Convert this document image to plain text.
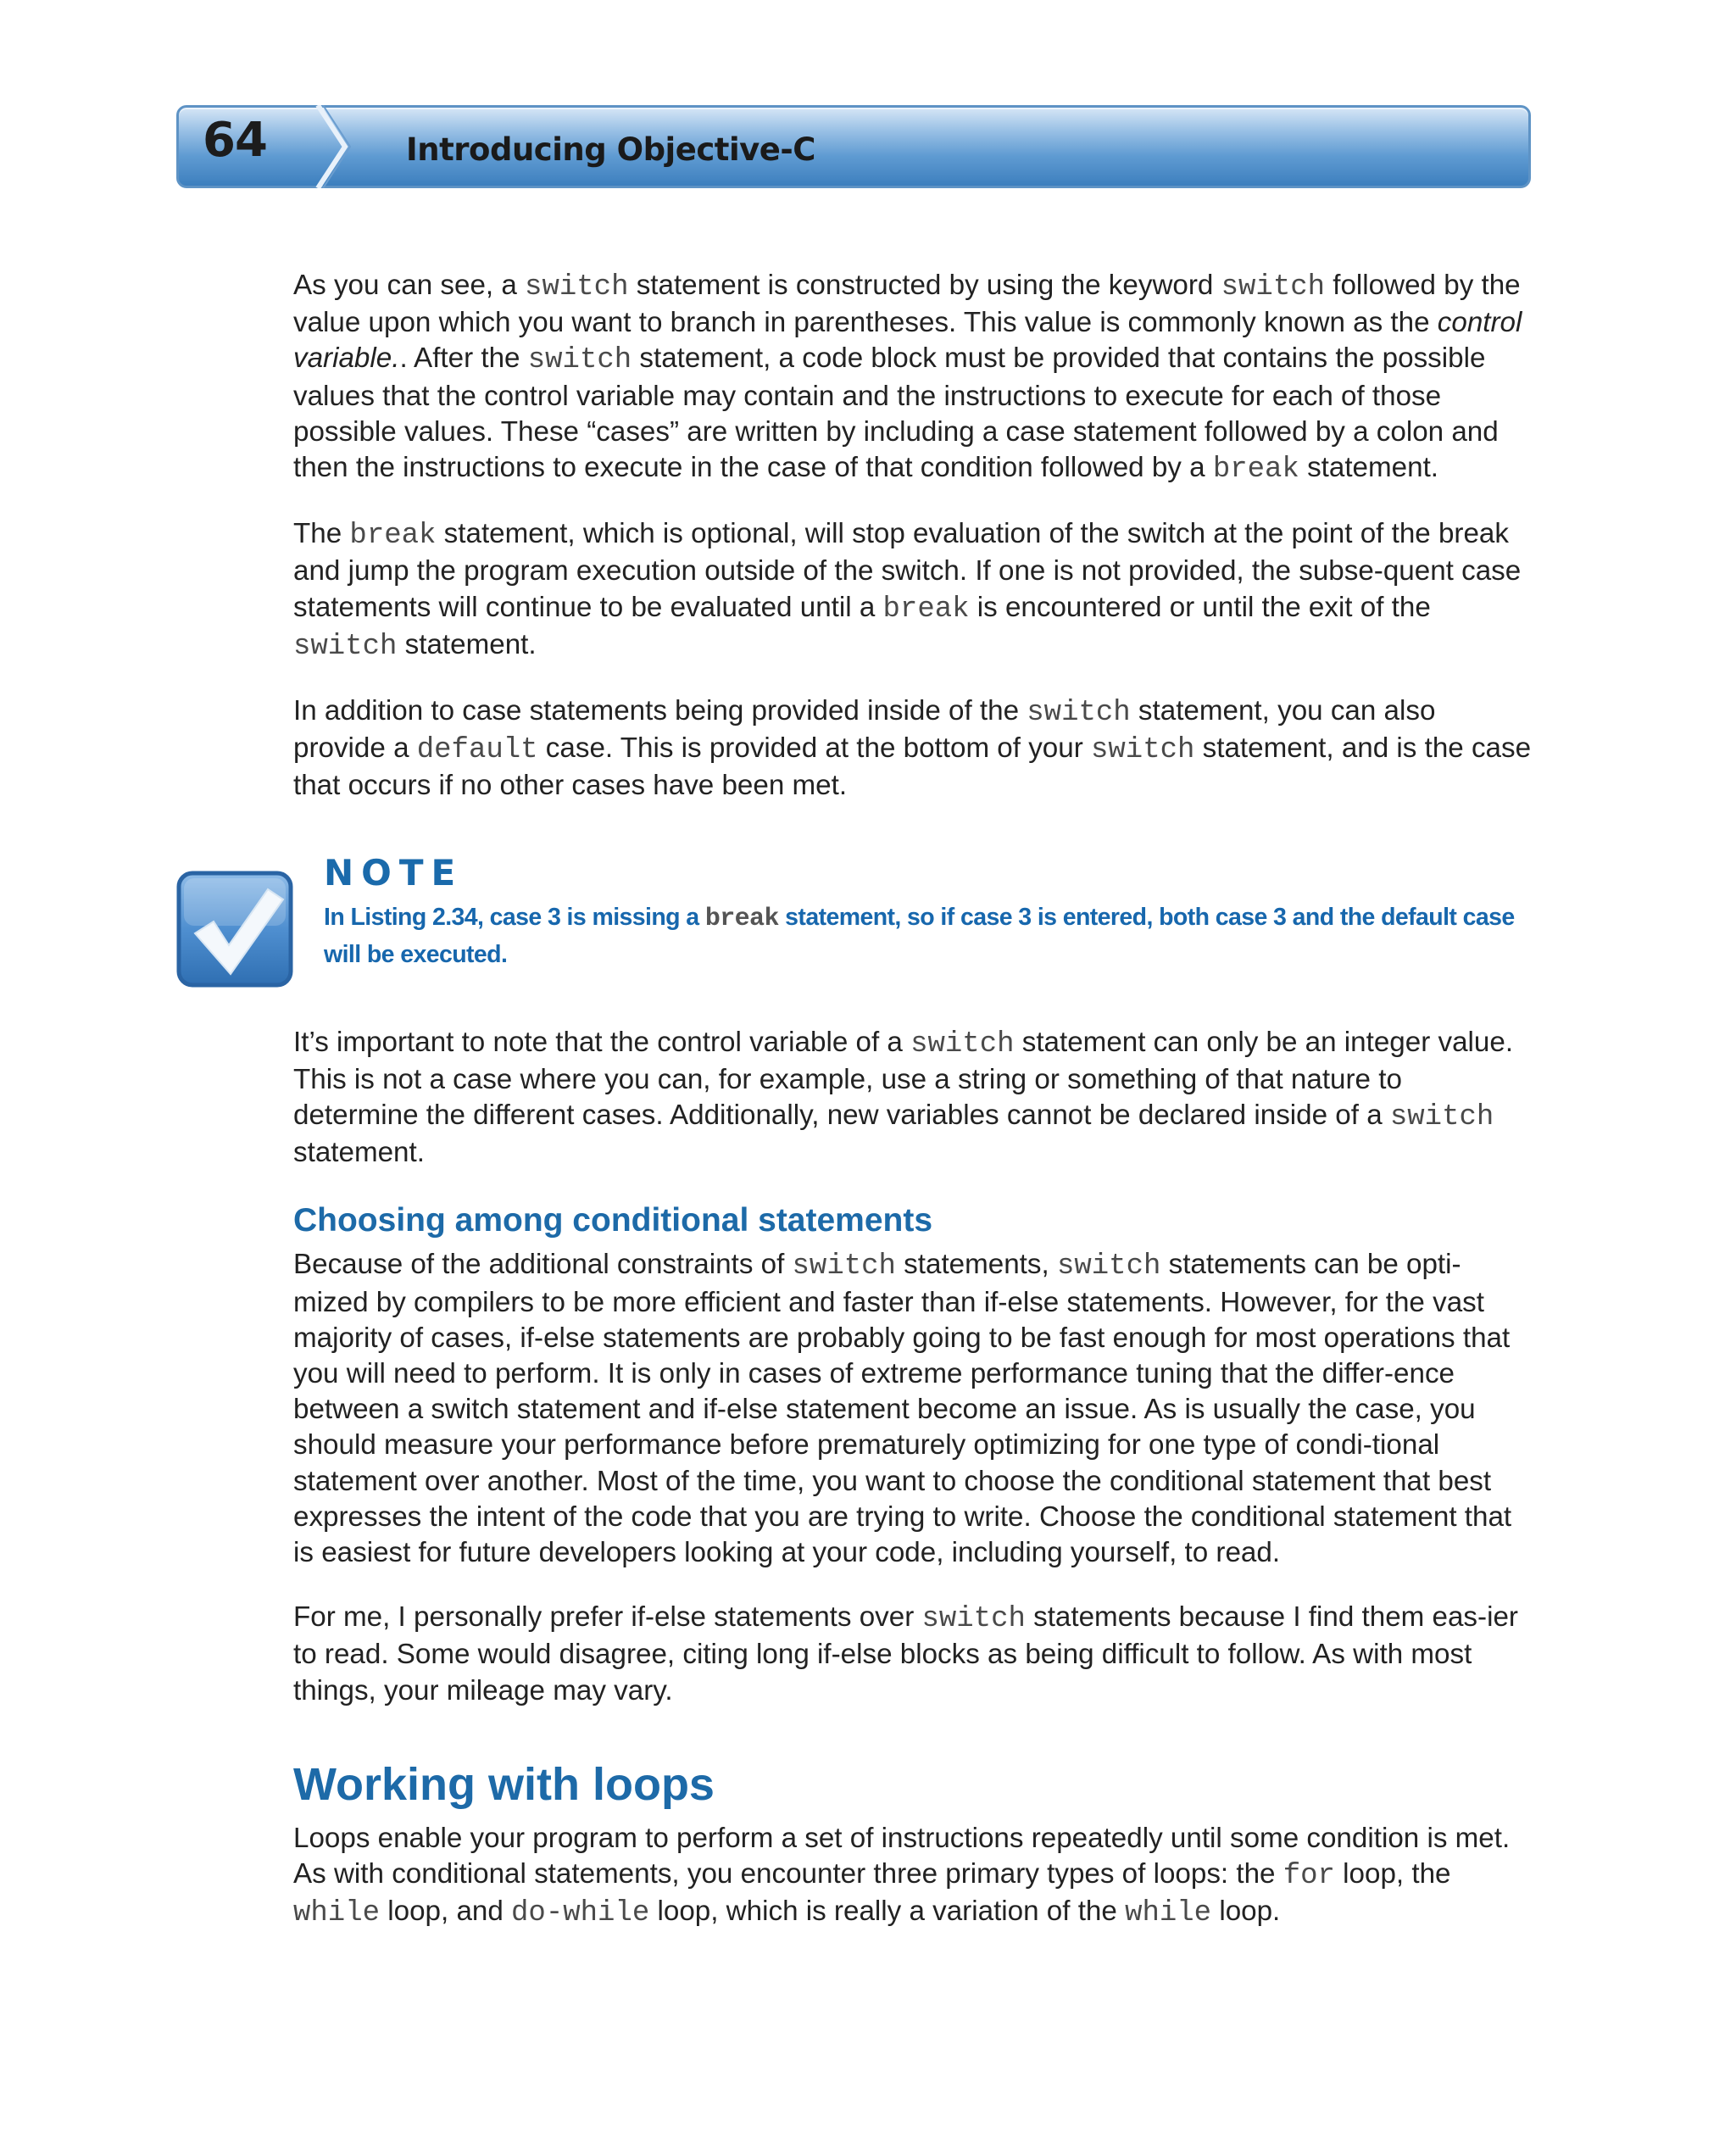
64	Introducing Objective-C

As you can see, a switch statement is constructed by using the keyword switch followed by the value upon which you want to branch in parentheses. This value is commonly known as the control variable.. After the switch statement, a code block must be provided that contains the possible values that the control variable may contain and the instructions to execute for each of those possible values. These “cases” are written by including a case statement followed by a colon and then the instructions to execute in the case of that condition followed by a break statement.

The break statement, which is optional, will stop evaluation of the switch at the point of the break and jump the program execution outside of the switch. If one is not provided, the subse-quent case statements will continue to be evaluated until a break is encountered or until the exit of the switch statement.

In addition to case statements being provided inside of the switch statement, you can also provide a default case. This is provided at the bottom of your switch statement, and is the case that occurs if no other cases have been met.

NOTE
In Listing 2.34, case 3 is missing a break statement, so if case 3 is entered, both case 3 and the default case will be executed.

It’s important to note that the control variable of a switch statement can only be an integer value. This is not a case where you can, for example, use a string or something of that nature to determine the different cases. Additionally, new variables cannot be declared inside of a switch statement.

Choosing among conditional statements

Because of the additional constraints of switch statements, switch statements can be opti-mized by compilers to be more efficient and faster than if-else statements. However, for the vast majority of cases, if-else statements are probably going to be fast enough for most operations that you will need to perform. It is only in cases of extreme performance tuning that the differ-ence between a switch statement and if-else statement become an issue. As is usually the case, you should measure your performance before prematurely optimizing for one type of condi-tional statement over another. Most of the time, you want to choose the conditional statement that best expresses the intent of the code that you are trying to write. Choose the conditional statement that is easiest for future developers looking at your code, including yourself, to read.

For me, I personally prefer if-else statements over switch statements because I find them eas-ier to read. Some would disagree, citing long if-else blocks as being difficult to follow. As with most things, your mileage may vary.

Working with loops

Loops enable your program to perform a set of instructions repeatedly until some condition is met. As with conditional statements, you encounter three primary types of loops: the for loop, the while loop, and do-while loop, which is really a variation of the while loop.
